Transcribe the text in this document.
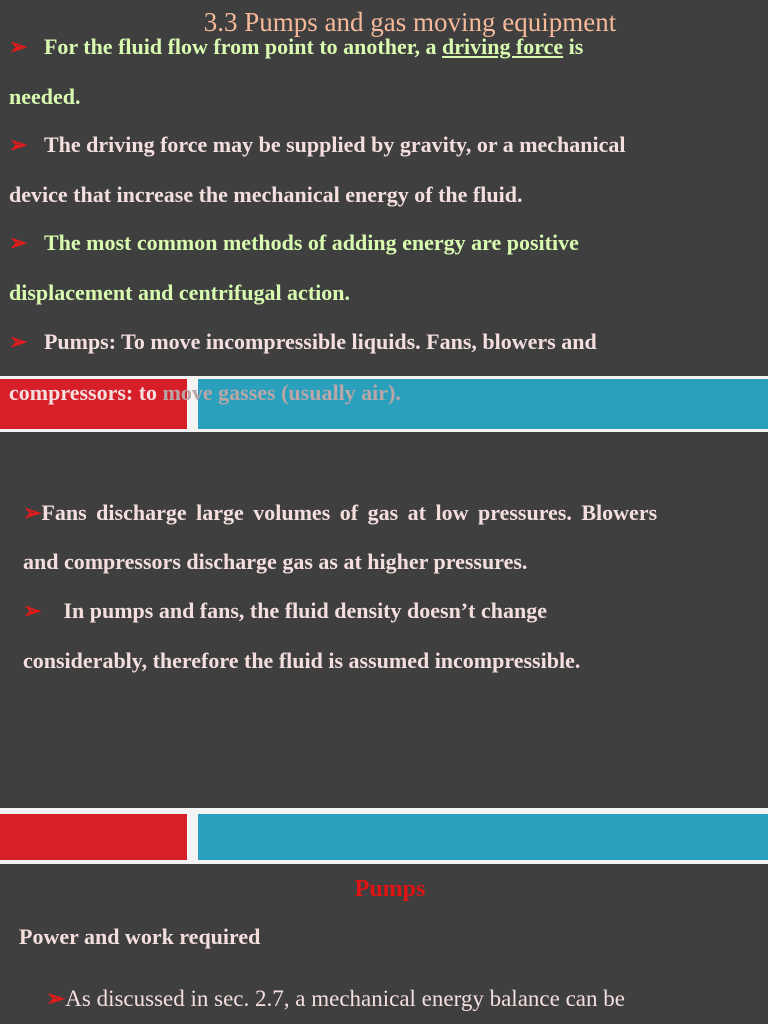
3.3 Pumps and gas moving equipment
➢ For the fluid flow from point to another, a driving force is
needed.
➢ The driving force may be supplied by gravity, or a mechanical
device that increase the mechanical energy of the fluid.
➢ The most common methods of adding energy are positive
displacement and centrifugal action.
➢ Pumps: To move incompressible liquids. Fans, blowers and
compressors: to move gasses (usually air).
➢Fans discharge large volumes of gas at low pressures. Blowers
and compressors discharge gas as at higher pressures.
➢ In pumps and fans, the fluid density doesn’t change
considerably, therefore the fluid is assumed incompressible.
Pumps
Power and work required
➢As discussed in sec. 2.7, a mechanical energy balance can be
